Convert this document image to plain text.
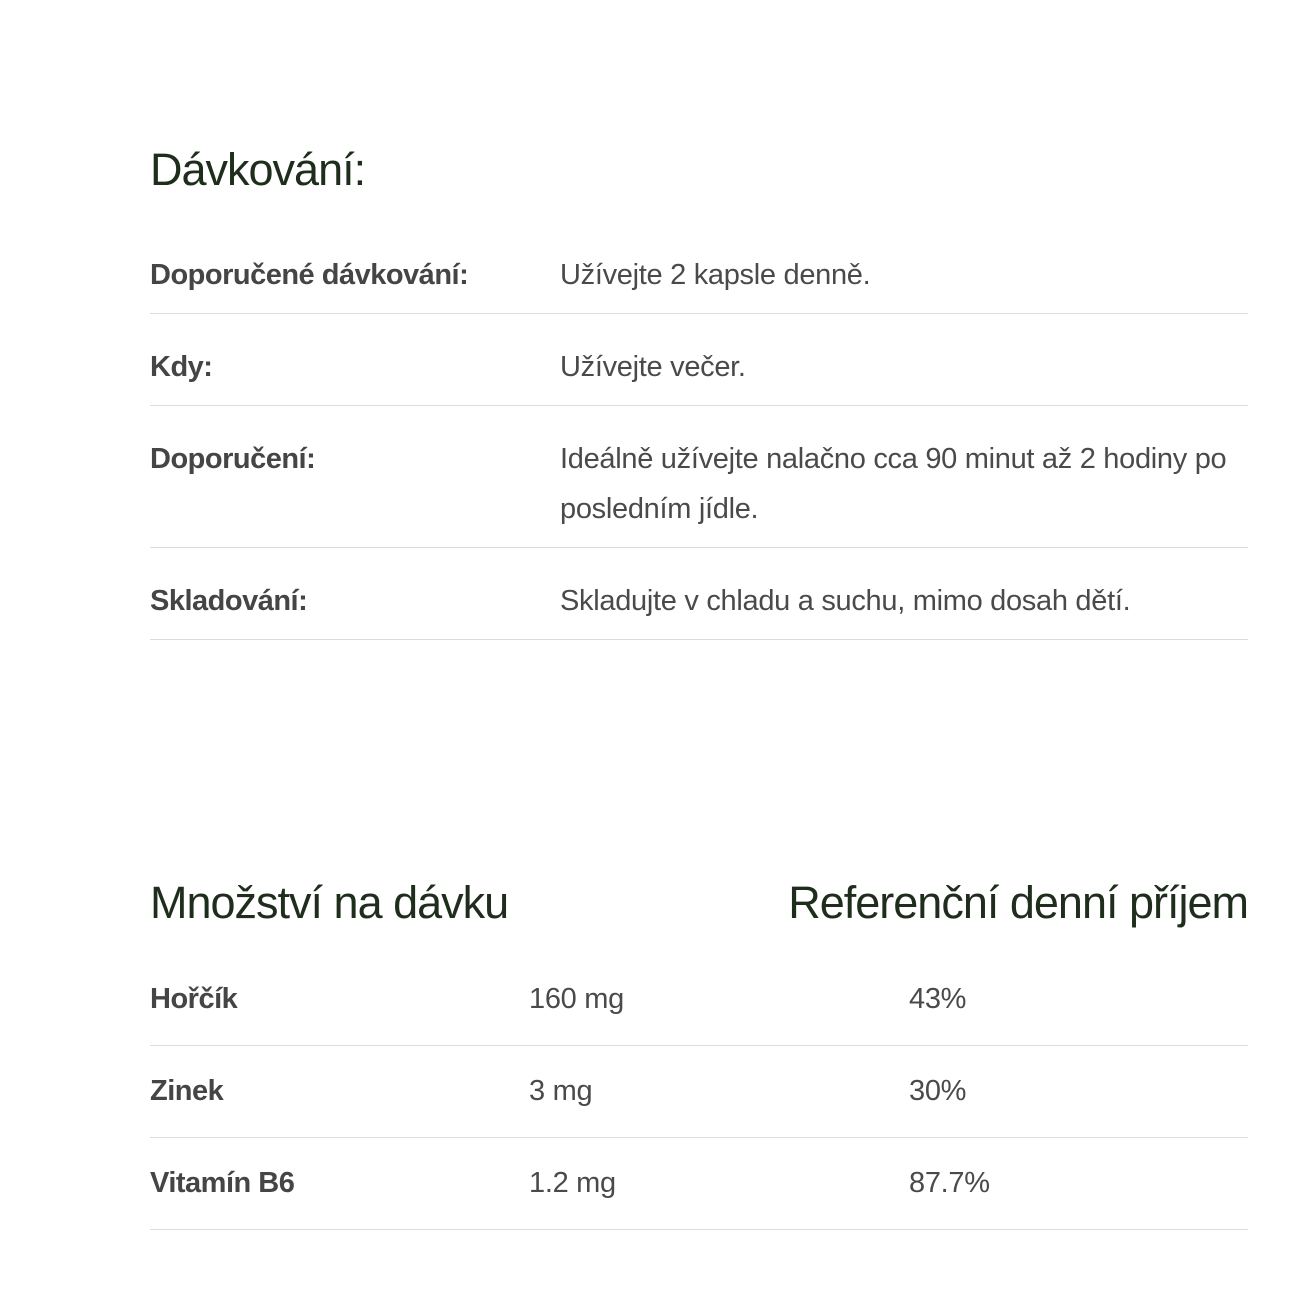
Dávkování:
Doporučené dávkování:	Užívejte 2 kapsle denně.
Kdy:	Užívejte večer.
Doporučení:	Ideálně užívejte nalačno cca 90 minut až 2 hodiny po posledním jídle.
Skladování:	Skladujte v chladu a suchu, mimo dosah dětí.
Množství na dávku	Referenční denní příjem
Hořčík	160 mg	43%
Zinek	3 mg	30%
Vitamín B6	1.2 mg	87.7%
